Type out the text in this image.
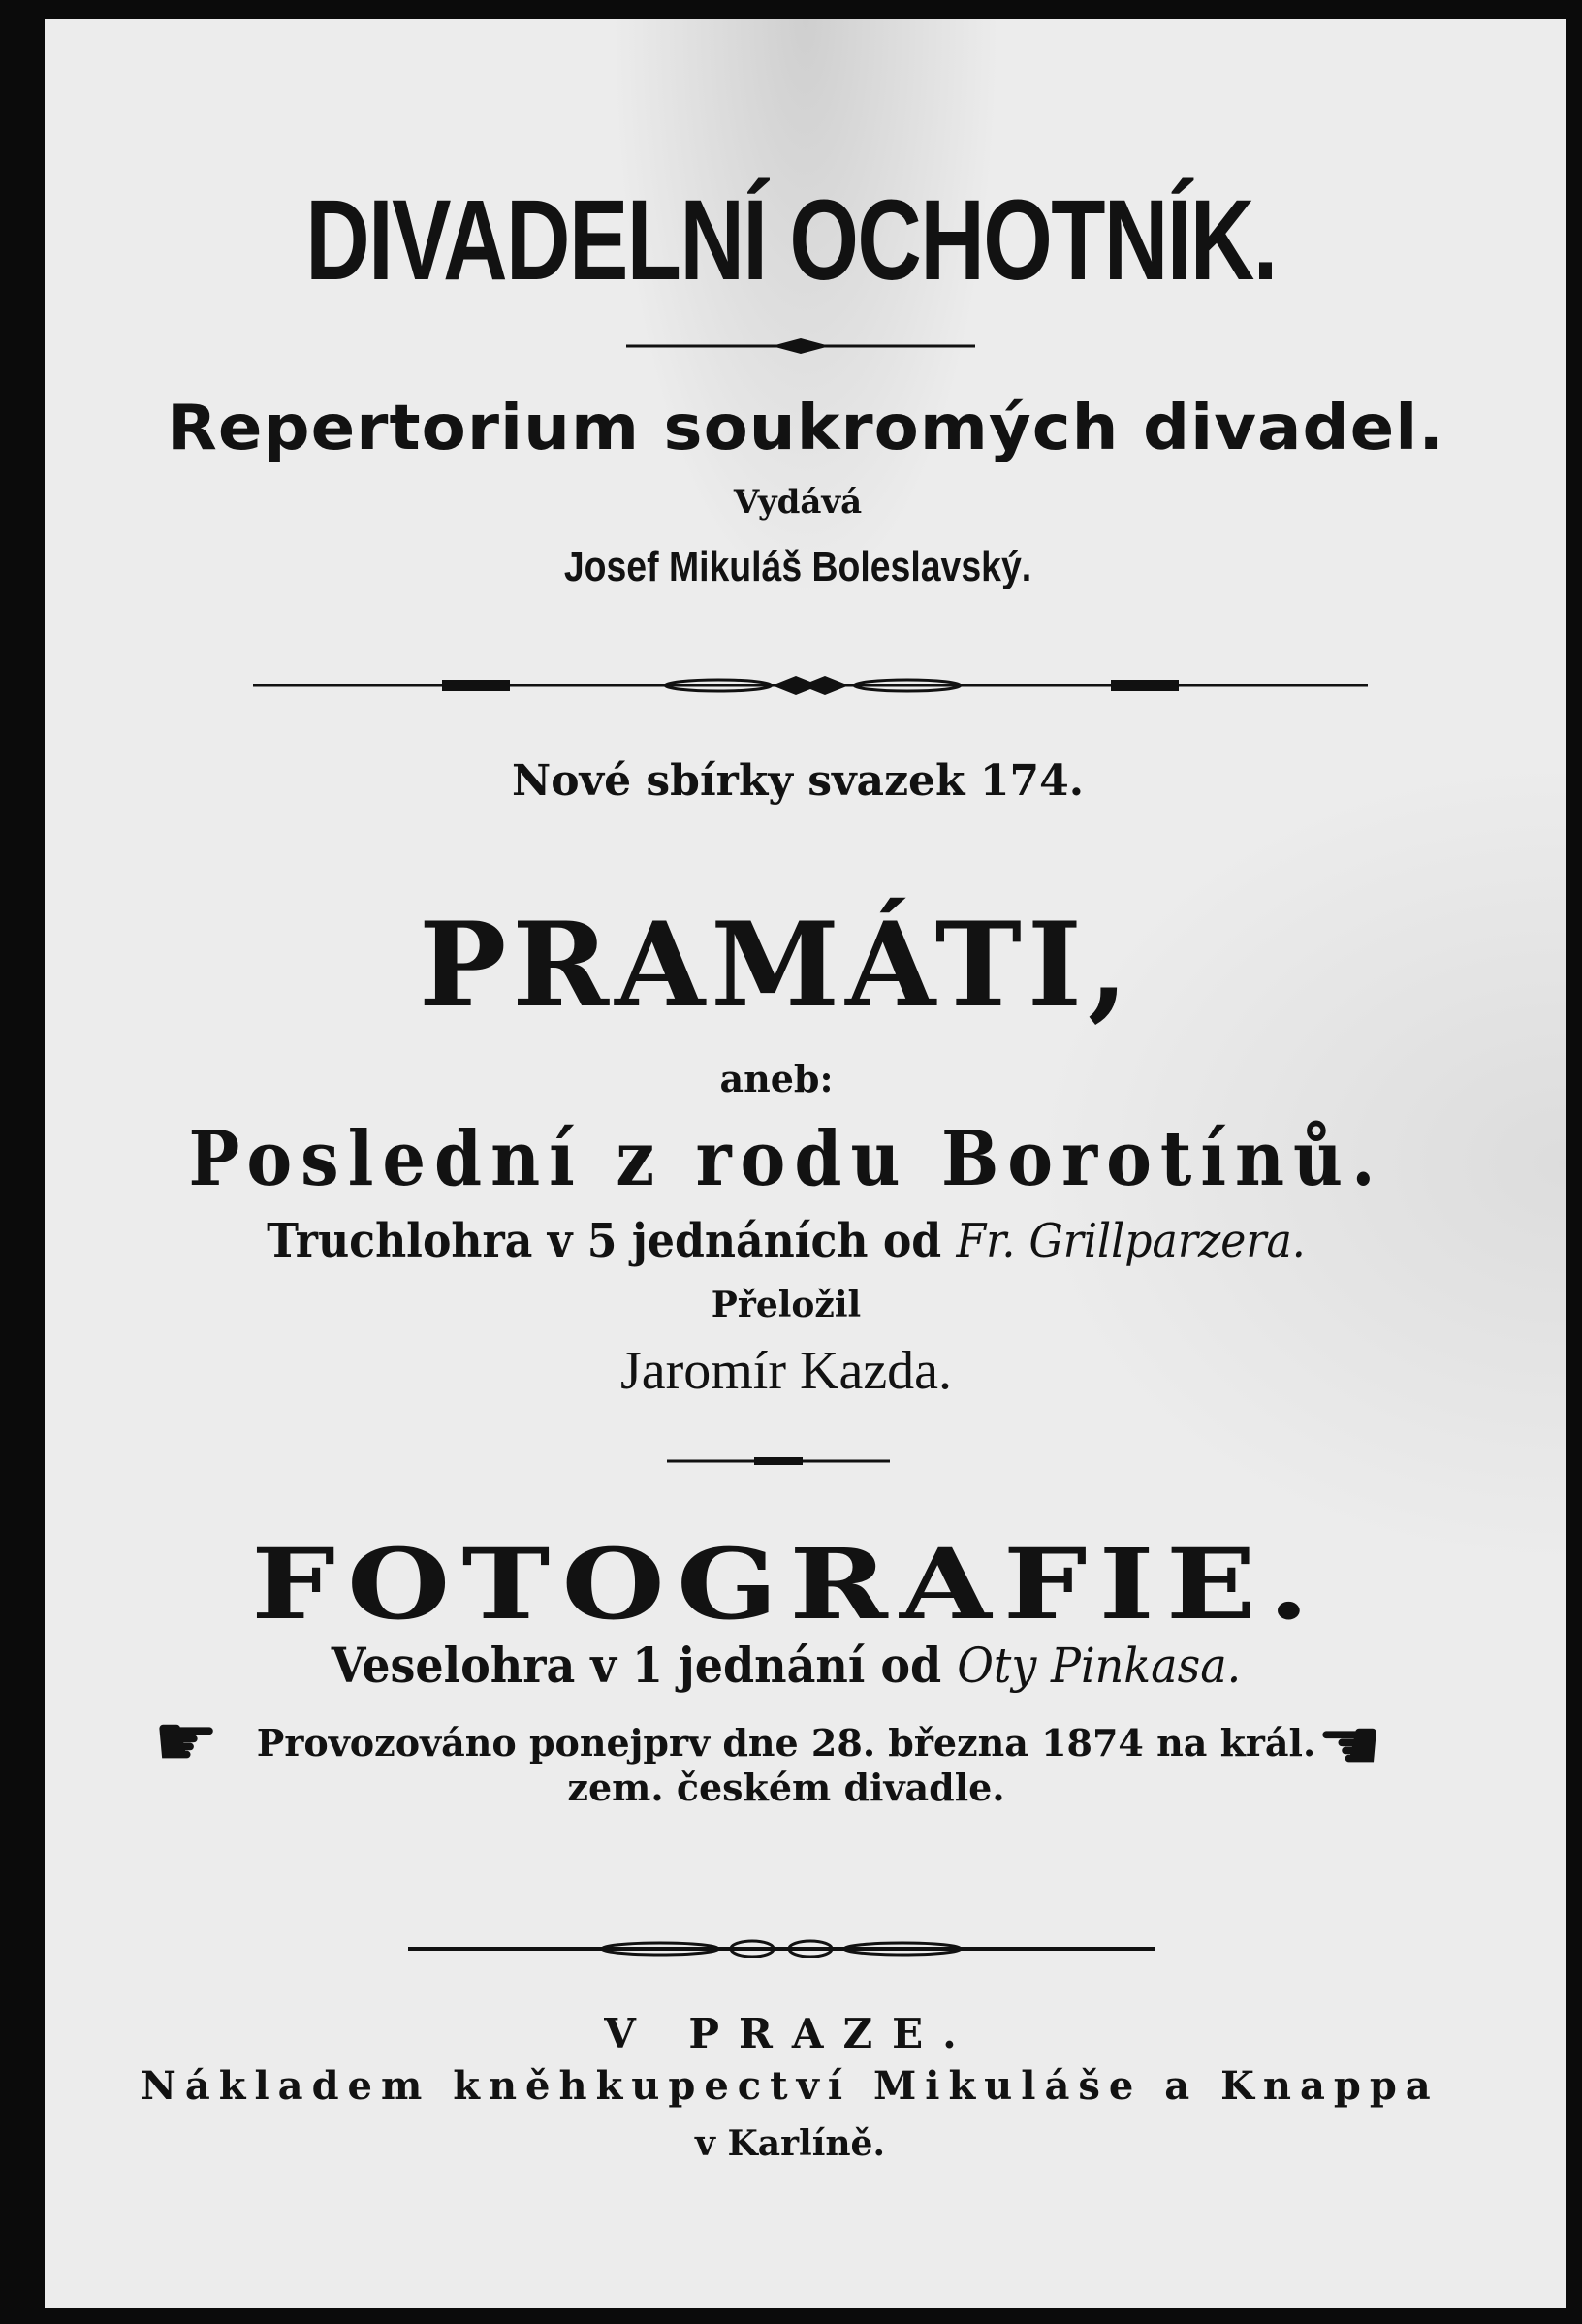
DIVADELNÍ OCHOTNÍK.
Repertorium soukromých divadel.
Vydává
Josef Mikuláš Boleslavský.
Nové sbírky svazek 174.
PRAMÁTI,
aneb:
Poslední z rodu Borotínů.
Truchlohra v 5 jednáních od Fr. Grillparzera.
Přeložil
Jaromír Kazda.
FOTOGRAFIE.
Veselohra v 1 jednání od Oty Pinkasa.
☛	Provozováno ponejprv dne 28. března 1874 na král.
zem. českém divadle.	☚
V PRAZE.
Nákladem kněhkupectví Mikuláše a Knappa
v Karlíně.
